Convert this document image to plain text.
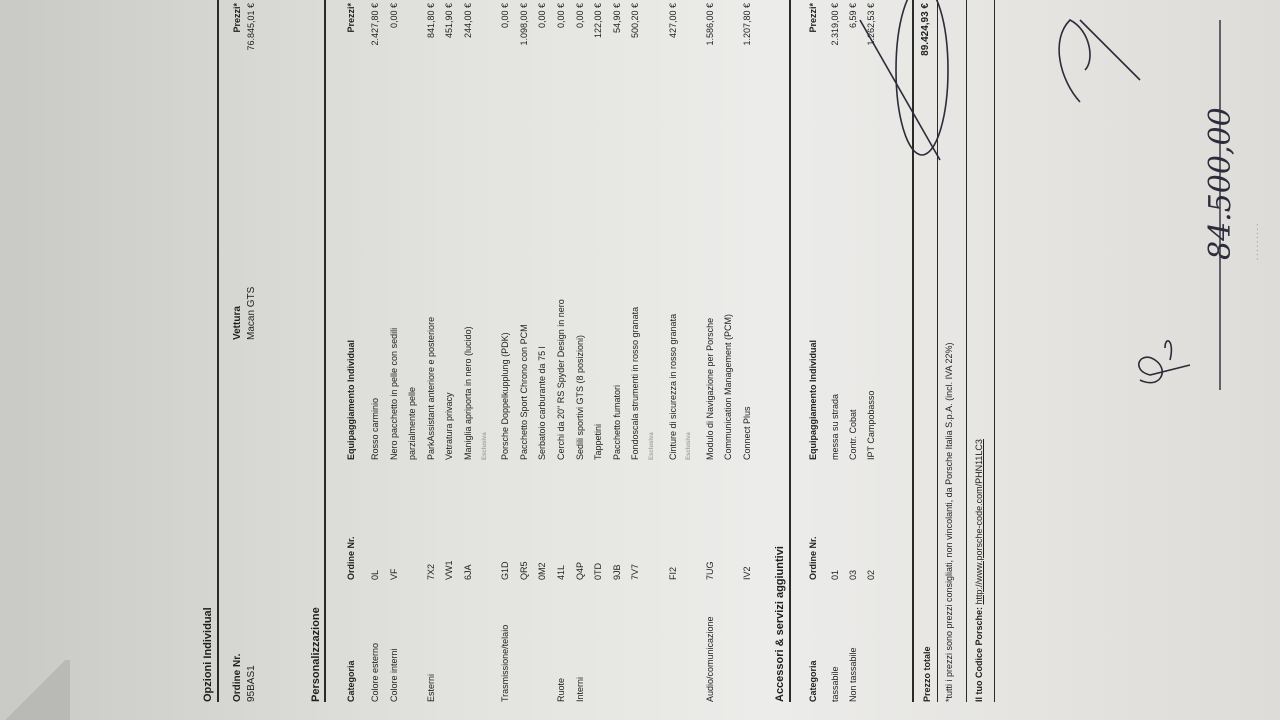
Opzioni Individual Ordine Nr. 95BAS1
Vettura Macan GTS
Prezzi* 76.845,01 €
Personalizzazione	Categoria
Ordine Nr.
Equipaggiamento Individual
Prezzi*
Colore esterno
0L
Rosso carminio
2.427,80 €
Colore interni
VF
Nero pacchetto in pelle con sedili
0,00 €
parzialmente pelle
Esterni
7X2
ParkAssistant anteriore e posteriore
841,80 €
VW1
Vetratura privacy
451,90 €
6JA
Maniglia apriporta in nero (lucido)
244,00 €
Esclusiva
Trasmissione/telaio
G1D
Porsche Doppelkupplung (PDK)
0,00 €
QR5
Pacchetto Sport Chrono con PCM
1.098,00 €
0M2
Serbatoio carburante da 75 l
0,00 €
Ruote
41L
Cerchi da 20" RS Spyder Design in nero
0,00 €
Interni
Q4P
Sedili sportivi GTS (8 posizioni)
0,00 €
0TD
Tappetini
122,00 €
9JB
Pacchetto fumatori
54,90 €
7V7
Fondoscala strumenti in rosso granata
500,20 €
Esclusiva
FI2
Cinture di sicurezza in rosso granata
427,00 €
Esclusiva
Audio/comunicazione
7UG
Modulo di Navigazione per Porsche
1.586,00 €
Communication Management (PCM)
IV2
Connect Plus
1.207,80 €
Accessori & servizi aggiuntivi Categoria
Ordine Nr.
Equipaggiamento Individual
Prezzi*
tassabile
01
messa su strada
2.319,00 €
Non tassabile
03
Contr. Cobat
6,59 €
02
IPT Campobasso
1.262,53 €
Prezzo totale
89.424,93 €
*tutti i prezzi sono prezzi consigliati, non vincolanti, da Porsche Italia S.p.A. (incl. IVA 22%) Il tuo Codice Porsche: http://www.porsche-code.com/PHN11LC3
84.500,00 · · · · · · · · ·
